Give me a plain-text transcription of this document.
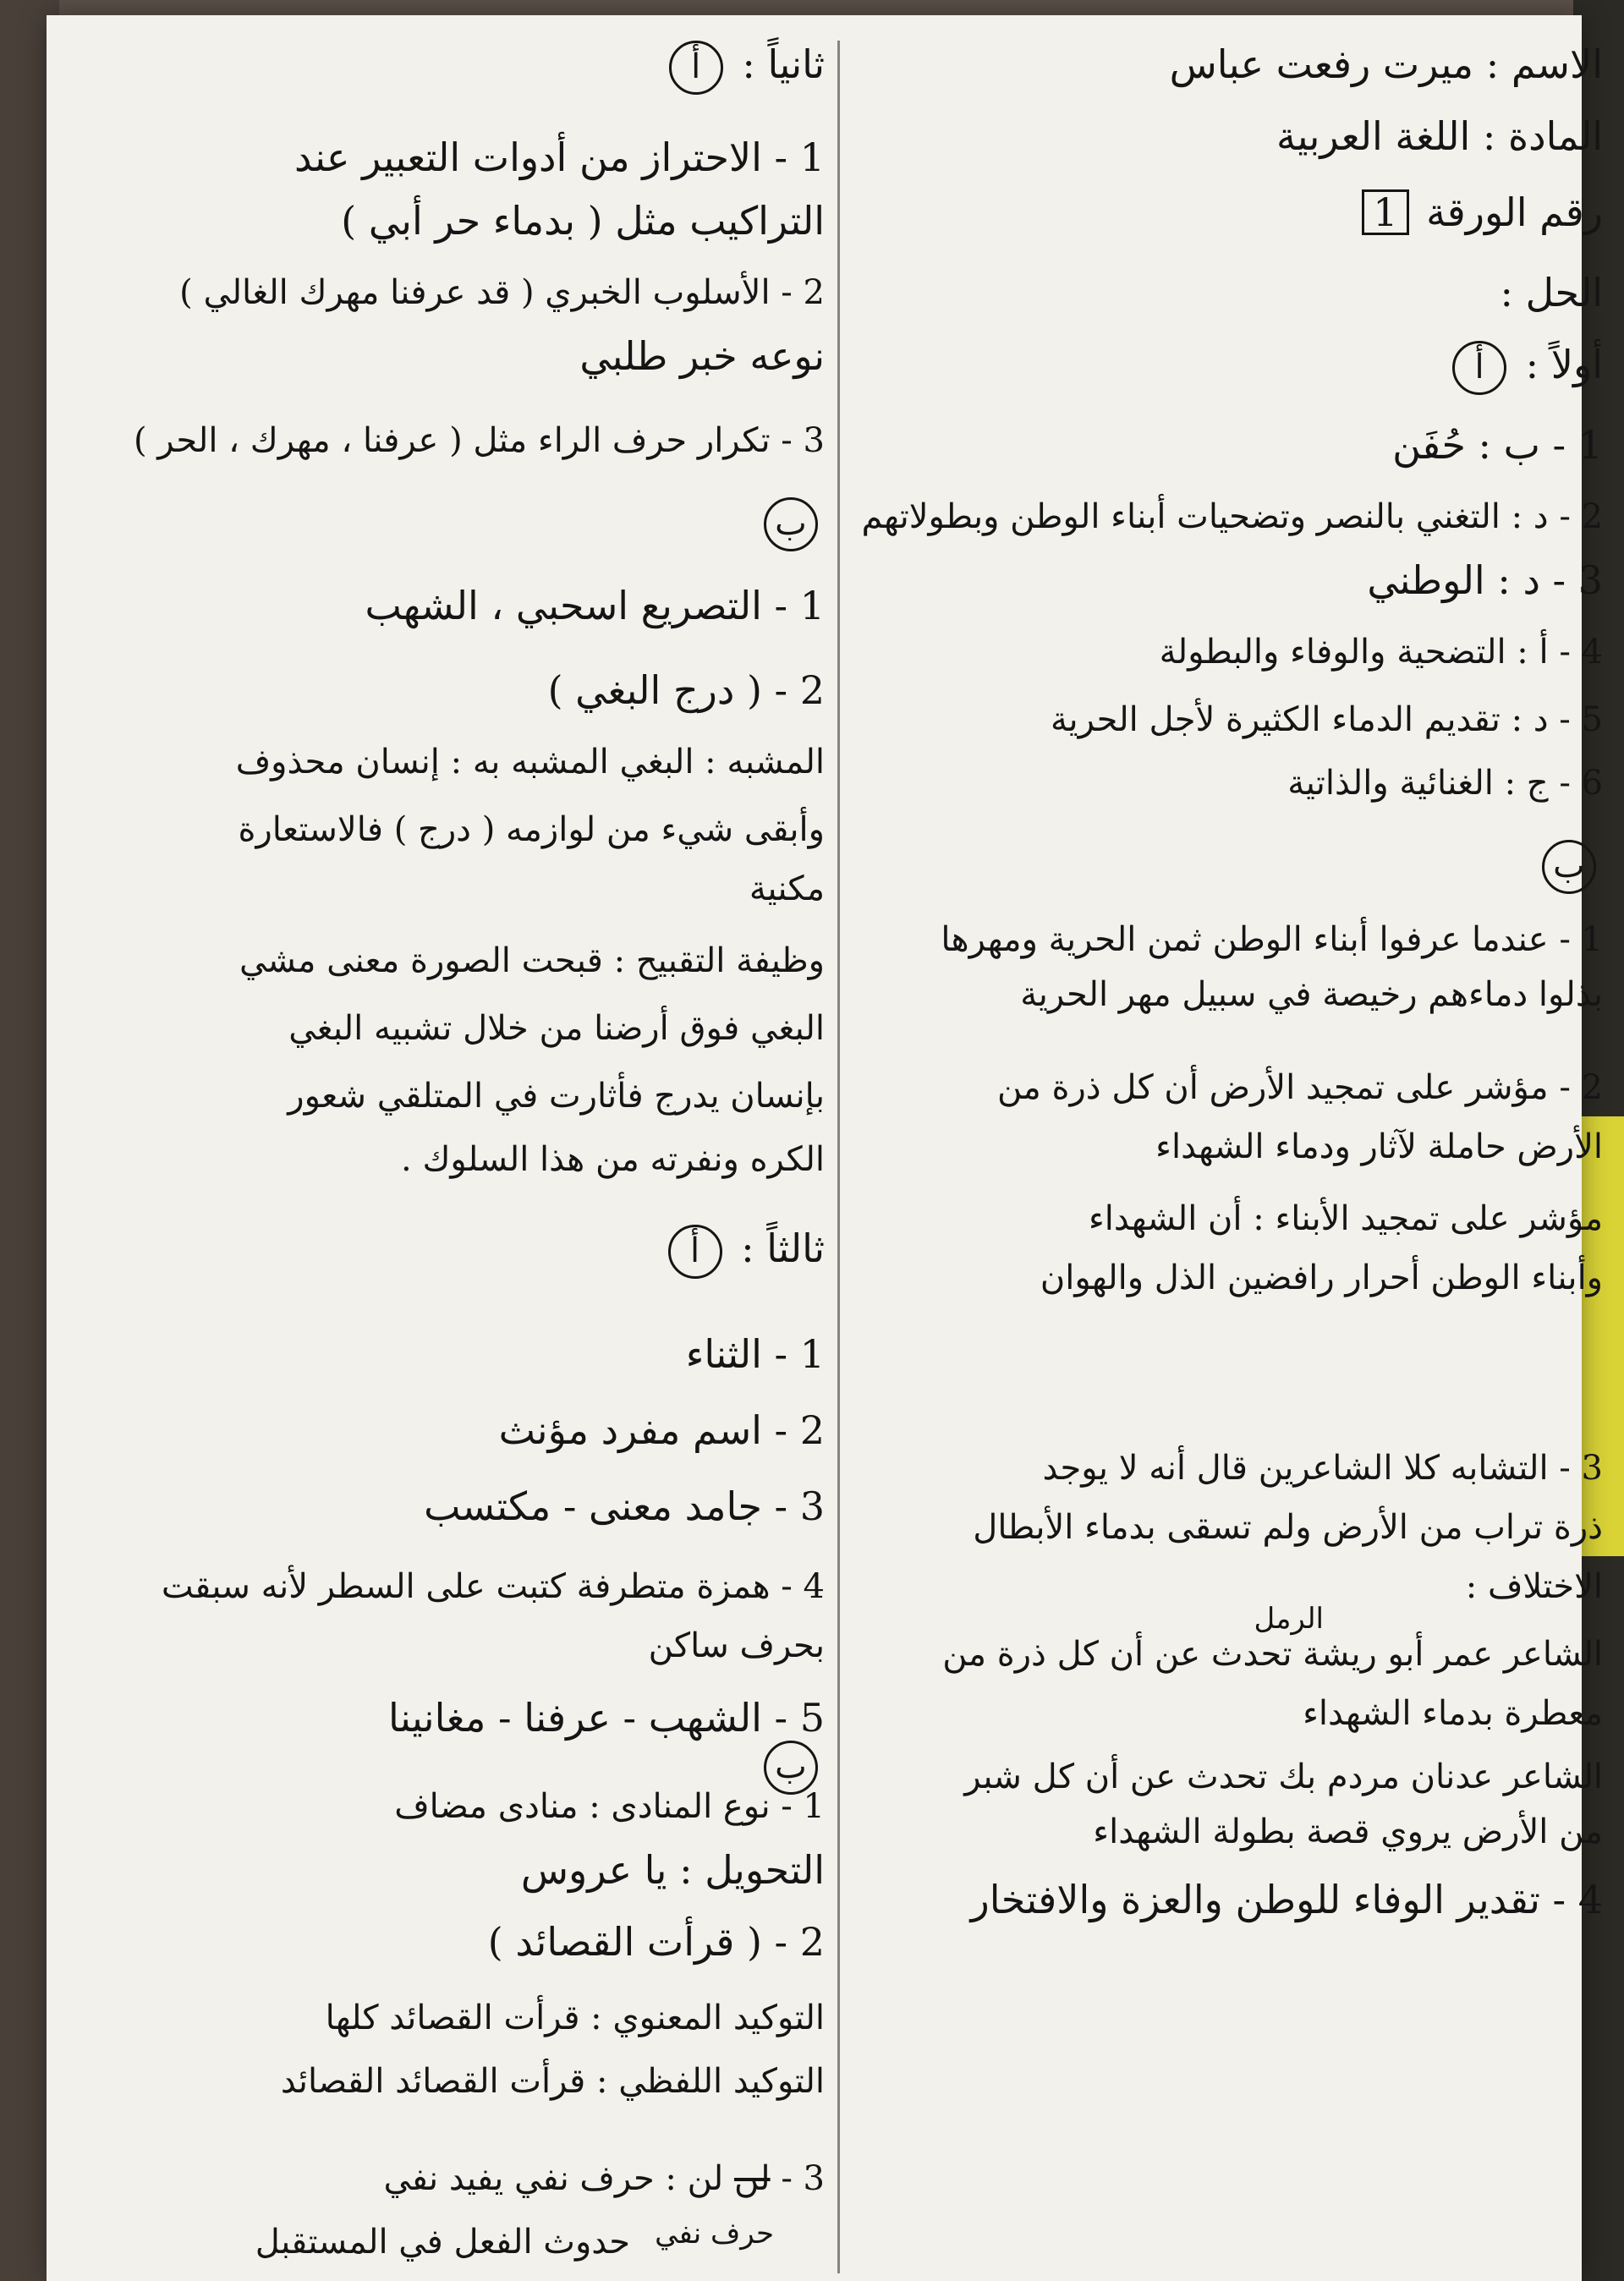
الاسم : ميرت رفعت عباس
المادة : اللغة العربية
رقم الورقة 1
الحل :
أولاً : أ
1 - ب : حُفَن
2 - د : التغني بالنصر وتضحيات أبناء الوطن وبطولاتهم
3 - د : الوطني
4 - أ : التضحية والوفاء والبطولة
5 - د : تقديم الدماء الكثيرة لأجل الحرية
6 - ج : الغنائية والذاتية
ب
1 - عندما عرفوا أبناء الوطن ثمن الحرية ومهرها
بذلوا دماءهم رخيصة في سبيل مهر الحرية
2 - مؤشر على تمجيد الأرض أن كل ذرة من
الأرض حاملة لآثار ودماء الشهداء
مؤشر على تمجيد الأبناء : أن الشهداء
وأبناء الوطن أحرار رافضين الذل والهوان
3 - التشابه كلا الشاعرين قال أنه لا يوجد
ذرة تراب من الأرض ولم تسقى بدماء الأبطال
الاختلاف :
الرمل
الشاعر عمر أبو ريشة تحدث عن أن كل ذرة من
معطرة بدماء الشهداء
الشاعر عدنان مردم بك تحدث عن أن كل شبر
من الأرض يروي قصة بطولة الشهداء
4 - تقدير الوفاء للوطن والعزة والافتخار
ثانياً : أ
1 - الاحتراز من أدوات التعبير عند
التراكيب مثل ( بدماء حر أبي )
2 - الأسلوب الخبري ( قد عرفنا مهرك الغالي )
نوعه خبر طلبي
3 - تكرار حرف الراء مثل ( عرفنا ، مهرك ، الحر )
ب
1 - التصريع اسحبي ، الشهب
2 - ( درج البغي )
المشبه : البغي المشبه به : إنسان محذوف
وأبقى شيء من لوازمه ( درج ) فالاستعارة
مكنية
وظيفة التقبيح : قبحت الصورة معنى مشي
البغي فوق أرضنا من خلال تشبيه البغي
بإنسان يدرج فأثارت في المتلقي شعور
الكره ونفرته من هذا السلوك .
ثالثاً : أ
1 - الثناء
2 - اسم مفرد مؤنث
3 - جامد معنى - مكتسب
4 - همزة متطرفة كتبت على السطر لأنه سبقت
بحرف ساكن
5 - الشهب - عرفنا - مغانينا
ب
1 - نوع المنادى : منادى مضاف
التحويل : يا عروس
2 - ( قرأت القصائد )
التوكيد المعنوي : قرأت القصائد كلها
التوكيد اللفظي : قرأت القصائد القصائد
3 - لن لن : حرف نفي يفيد نفي
حرف نفي
حدوث الفعل في المستقبل
